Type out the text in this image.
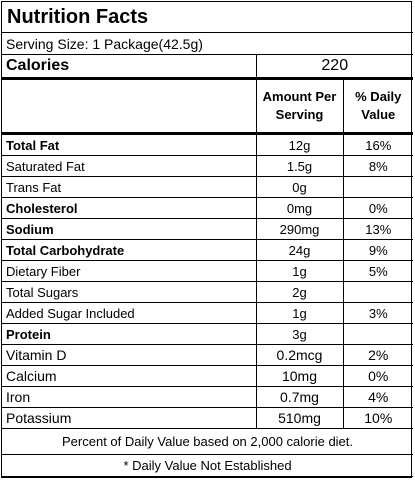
Nutrition Facts		
Serving Size: 1 Package(42.5g)		
Calories	220	
	Amount Per Serving	% Daily Value
Total Fat	12g	16%
Saturated Fat	1.5g	8%
Trans Fat	0g	
Cholesterol	0mg	0%
Sodium	290mg	13%
Total Carbohydrate	24g	9%
Dietary Fiber	1g	5%
Total Sugars	2g	
Added Sugar Included	1g	3%
Protein	3g	
Vitamin D	0.2mcg	2%
Calcium	10mg	0%
Iron	0.7mg	4%
Potassium	510mg	10%
Percent of Daily Value based on 2,000 calorie diet.		
* Daily Value Not Established		
